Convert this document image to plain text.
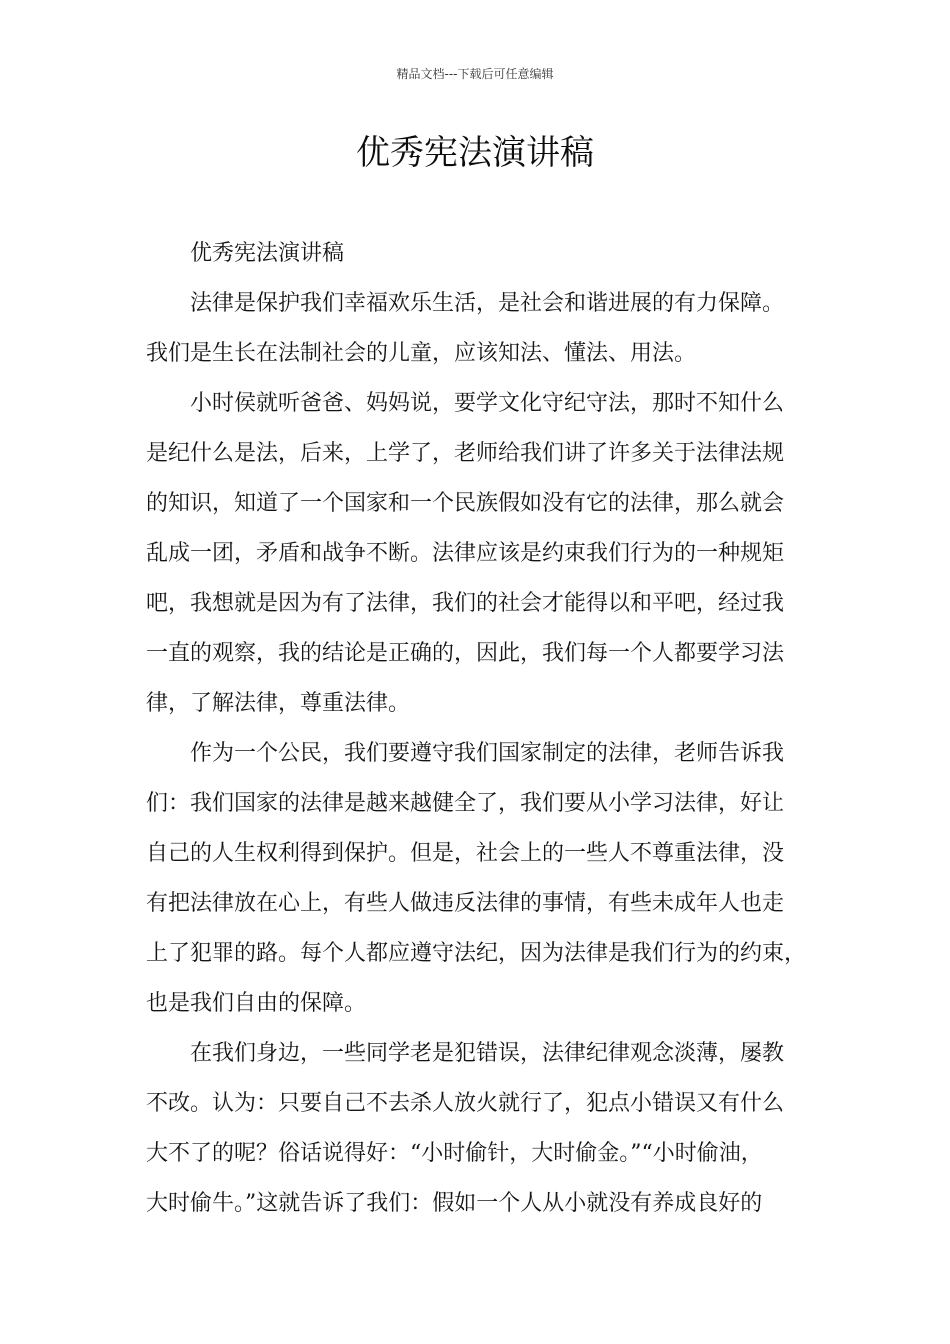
精品文档---下载后可任意编辑
优秀宪法演讲稿
优秀宪法演讲稿
法律是保护我们幸福欢乐生活，是社会和谐进展的有力保障。
我们是生长在法制社会的儿童，应该知法、懂法、用法。
小时侯就听爸爸、妈妈说，要学文化守纪守法，那时不知什么
是纪什么是法，后来，上学了，老师给我们讲了许多关于法律法规
的知识，知道了一个国家和一个民族假如没有它的法律，那么就会
乱成一团，矛盾和战争不断。法律应该是约束我们行为的一种规矩
吧，我想就是因为有了法律，我们的社会才能得以和平吧，经过我
一直的观察，我的结论是正确的，因此，我们每一个人都要学习法
律，了解法律，尊重法律。
作为一个公民，我们要遵守我们国家制定的法律，老师告诉我
们：我们国家的法律是越来越健全了，我们要从小学习法律，好让
自己的人生权利得到保护。但是，社会上的一些人不尊重法律，没
有把法律放在心上，有些人做违反法律的事情，有些未成年人也走
上了犯罪的路。每个人都应遵守法纪，因为法律是我们行为的约束，
也是我们自由的保障。
在我们身边，一些同学老是犯错误，法律纪律观念淡薄，屡教
不改。认为：只要自己不去杀人放火就行了，犯点小错误又有什么
大不了的呢？俗话说得好：“小时偷针，大时偷金。”“小时偷油，
大时偷牛。”这就告诉了我们：假如一个人从小就没有养成良好的
